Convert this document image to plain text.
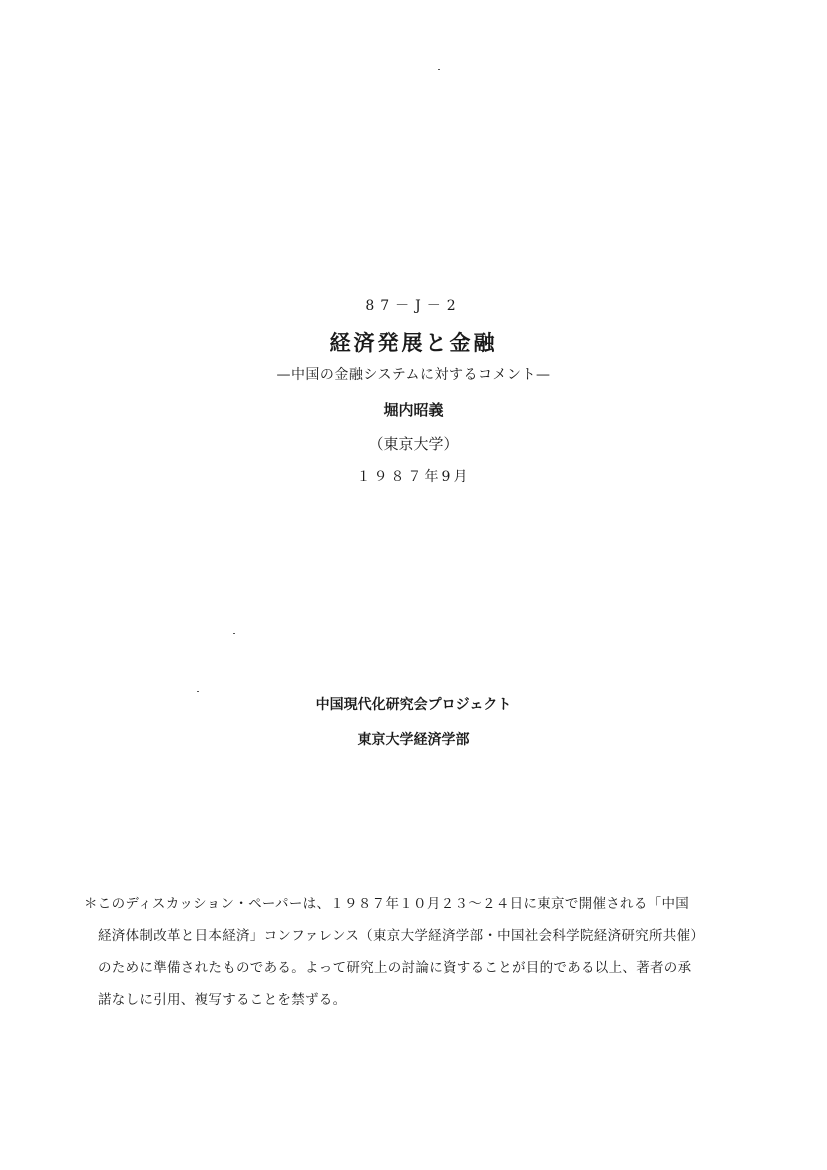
87－J－2
経済発展と金融
—中国の金融システムに対するコメント—
堀内昭義
（東京大学）
１９８７年9月
中国現代化研究会プロジェクト
東京大学経済学部
＊このディスカッション・ペーパーは、１９８７年１０月２３～２４日に東京で開催される「中国
経済体制改革と日本経済」コンファレンス（東京大学経済学部・中国社会科学院経済研究所共催）
のために準備されたものである。よって研究上の討論に資することが目的である以上、著者の承
諾なしに引用、複写することを禁ずる。
